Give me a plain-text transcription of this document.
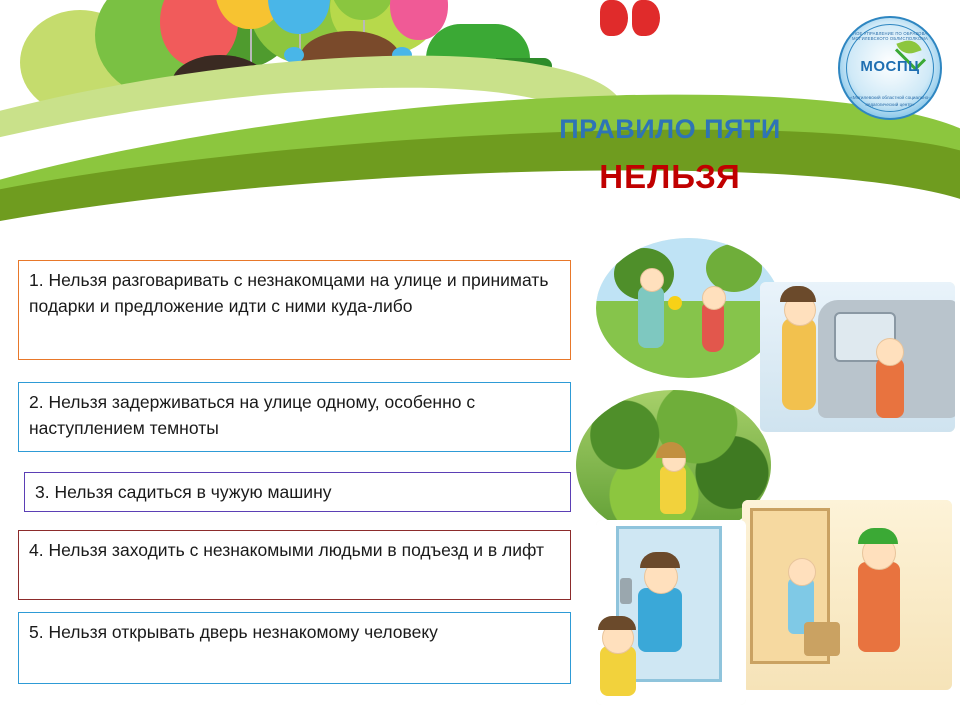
ГЛАВНОЕ УПРАВЛЕНИЕ ПО ОБРАЗОВАНИЮ МОГИЛЕВСКОГО ОБЛИСПОЛКОМА
МОСПЦ
«Могилевский областной социально-педагогический центр»
ПРАВИЛО ПЯТИ
НЕЛЬЗЯ
1. Нельзя разговаривать с незнакомцами на улице и принимать подарки и предложение идти с ними куда-либо
2. Нельзя задерживаться на улице одному, особенно с наступлением темноты
3. Нельзя садиться в чужую машину
4. Нельзя заходить с незнакомыми людьми в подъезд и в лифт
5. Нельзя открывать дверь незнакомому человеку
